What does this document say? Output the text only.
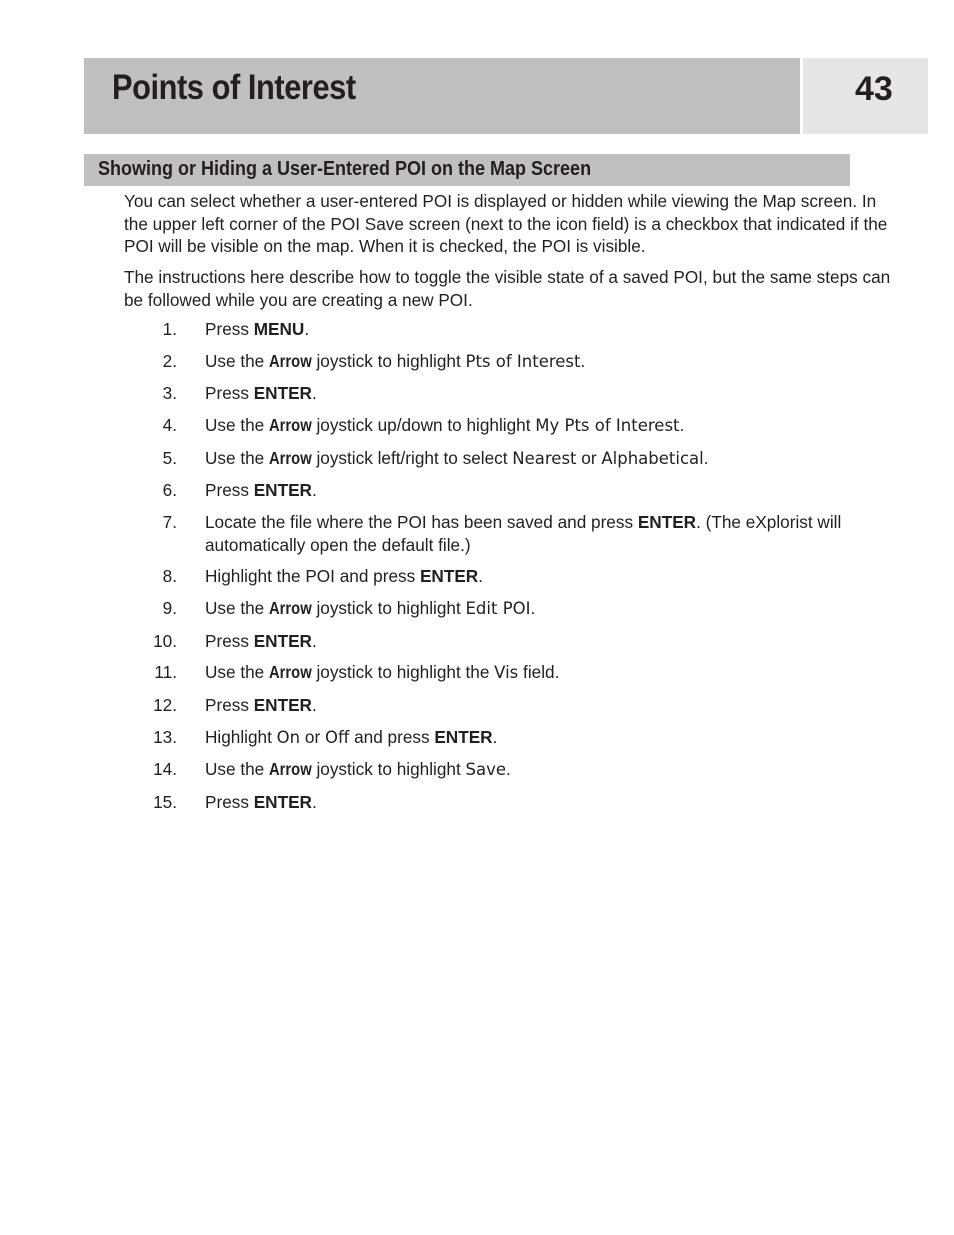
Points of Interest	43
Showing or Hiding a User-Entered POI on the Map Screen

You can select whether a user-entered POI is displayed or hidden while viewing the Map screen. In the upper left corner of the POI Save screen (next to the icon field) is a checkbox that indicated if the POI will be visible on the map. When it is checked, the POI is visible.

The instructions here describe how to toggle the visible state of a saved POI, but the same steps can be followed while you are creating a new POI.

1. Press MENU.
2. Use the Arrow joystick to highlight Pts of Interest.
3. Press ENTER.
4. Use the Arrow joystick up/down to highlight My Pts of Interest.
5. Use the Arrow joystick left/right to select Nearest or Alphabetical.
6. Press ENTER.
7. Locate the file where the POI has been saved and press ENTER. (The eXplorist will automatically open the default file.)
8. Highlight the POI and press ENTER.
9. Use the Arrow joystick to highlight Edit POI.
10. Press ENTER.
11. Use the Arrow joystick to highlight the Vis field.
12. Press ENTER.
13. Highlight On or Off and press ENTER.
14. Use the Arrow joystick to highlight Save.
15. Press ENTER.
